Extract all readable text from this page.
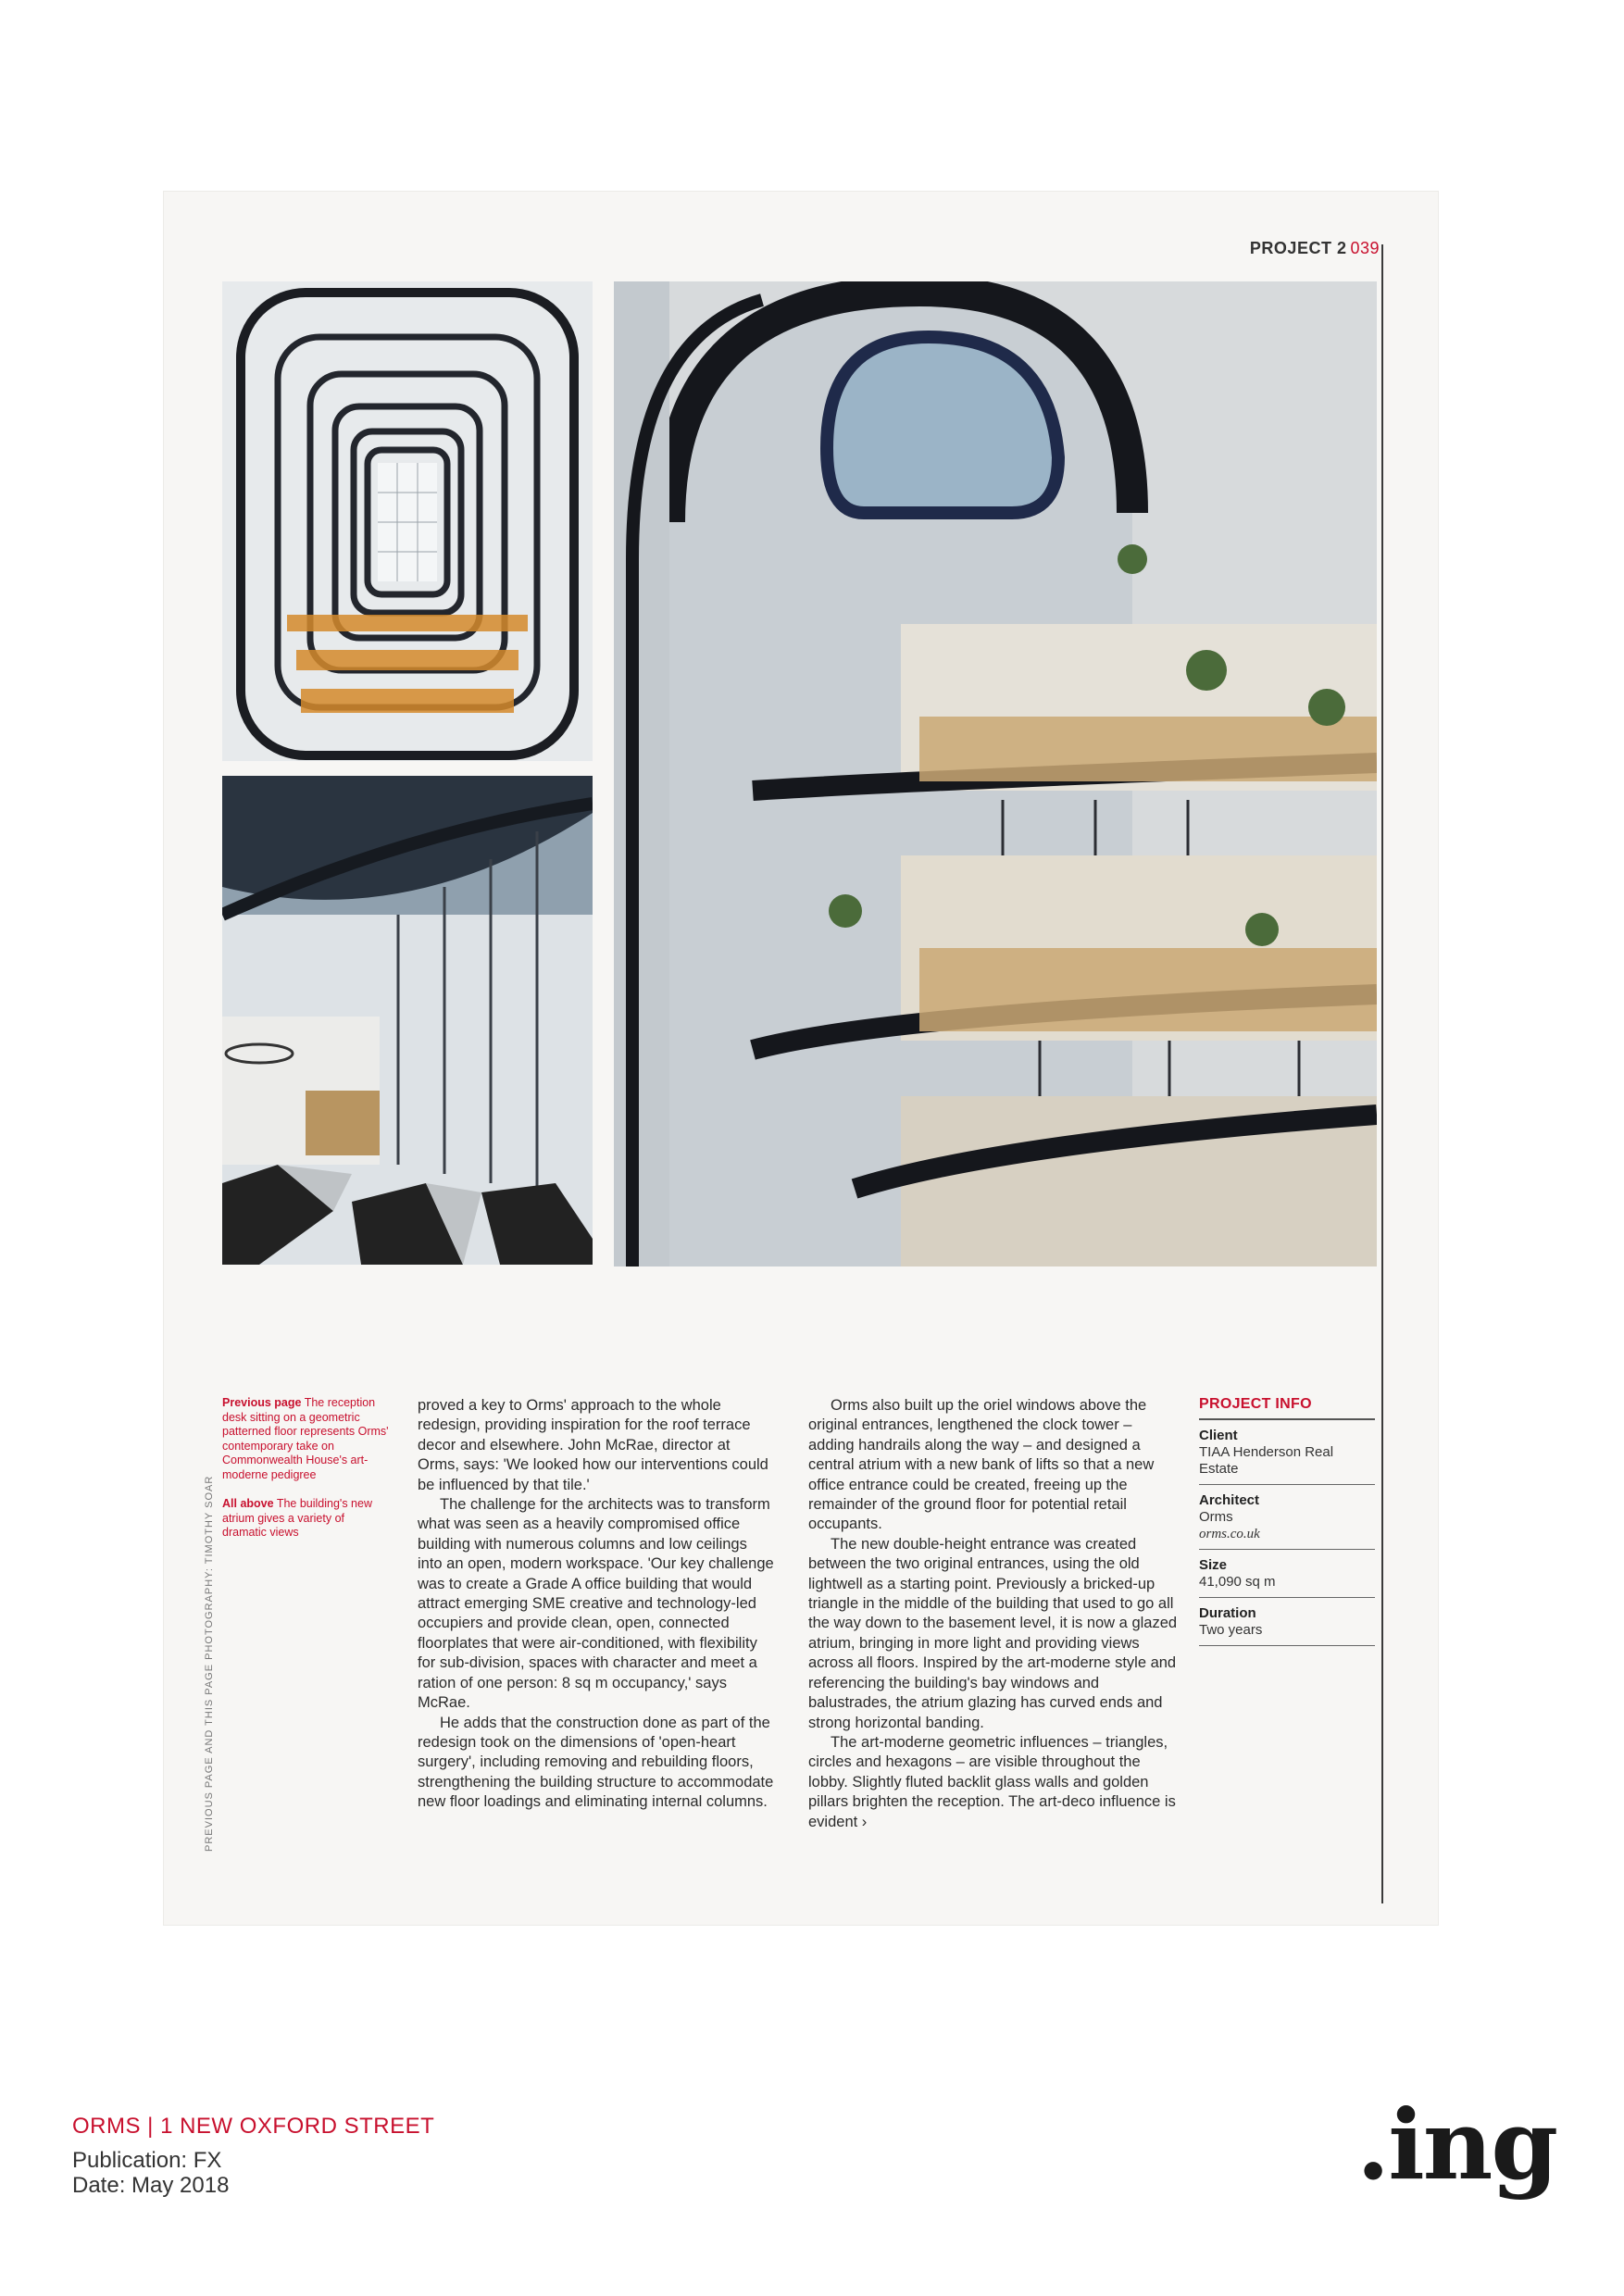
PROJECT 2 039
PREVIOUS PAGE AND THIS PAGE PHOTOGRAPHY: TIMOTHY SOAR

Previous page The reception desk sitting on a geometric patterned floor represents Orms' contemporary take on Commonwealth House's art-moderne pedigree

All above The building's new atrium gives a variety of dramatic views

proved a key to Orms' approach to the whole redesign, providing inspiration for the roof terrace decor and elsewhere. John McRae, director at Orms, says: 'We looked how our interventions could be influenced by that tile.'

The challenge for the architects was to transform what was seen as a heavily compromised office building with numerous columns and low ceilings into an open, modern workspace. 'Our key challenge was to create a Grade A office building that would attract emerging SME creative and technology-led occupiers and provide clean, open, connected floorplates that were air-conditioned, with flexibility for sub-division, spaces with character and meet a ration of one person: 8 sq m occupancy,' says McRae.

He adds that the construction done as part of the redesign took on the dimensions of 'open-heart surgery', including removing and rebuilding floors, strengthening the building structure to accommodate new floor loadings and eliminating internal columns.

Orms also built up the oriel windows above the original entrances, lengthened the clock tower – adding handrails along the way – and designed a central atrium with a new bank of lifts so that a new office entrance could be created, freeing up the remainder of the ground floor for potential retail occupants.

The new double-height entrance was created between the two original entrances, using the old lightwell as a starting point. Previously a bricked-up triangle in the middle of the building that used to go all the way down to the basement level, it is now a glazed atrium, bringing in more light and providing views across all floors. Inspired by the art-moderne style and referencing the building's bay windows and balustrades, the atrium glazing has curved ends and strong horizontal banding.

The art-moderne geometric influences – triangles, circles and hexagons – are visible throughout the lobby. Slightly fluted backlit glass walls and golden pillars brighten the reception. The art-deco influence is evident ›

PROJECT INFO
Client
TIAA Henderson Real Estate
Architect
Orms
orms.co.uk
Size
41,090 sq m
Duration
Two years
ORMS | 1 NEW OXFORD STREET
Publication: FX
Date: May 2018	.ing
